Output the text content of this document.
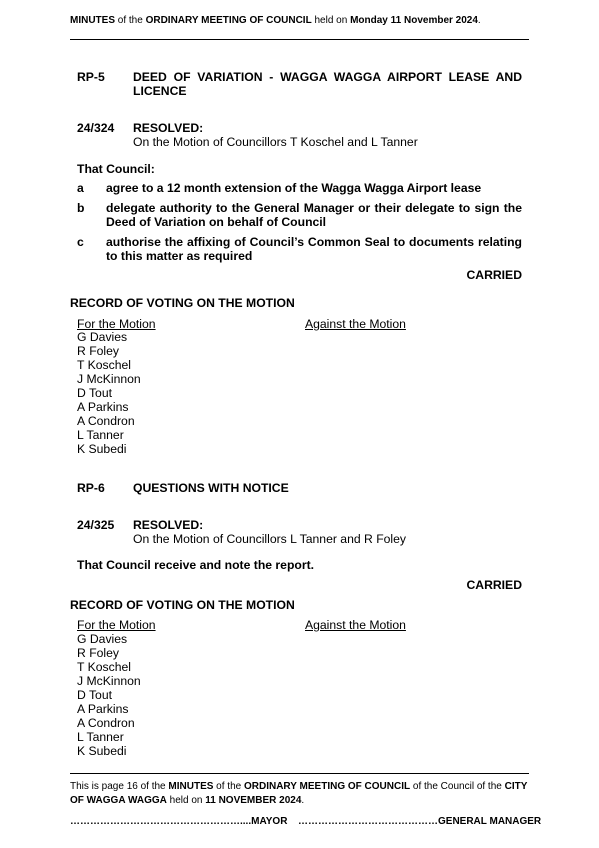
MINUTES of the ORDINARY MEETING OF COUNCIL held on Monday 11 November 2024.
RP-5 DEED OF VARIATION - WAGGA WAGGA AIRPORT LEASE AND
LICENCE
24/324 RESOLVED:
On the Motion of Councillors T Koschel and L Tanner
That Council:
a agree to a 12 month extension of the Wagga Wagga Airport lease
b delegate authority to the General Manager or their delegate to sign the
Deed of Variation on behalf of Council
c authorise the affixing of Council’s Common Seal to documents relating
to this matter as required
CARRIED
RECORD OF VOTING ON THE MOTION
For the Motion	Against the Motion
G Davies
R Foley
T Koschel
J McKinnon
D Tout
A Parkins
A Condron
L Tanner
K Subedi
RP-6 QUESTIONS WITH NOTICE
24/325 RESOLVED:
On the Motion of Councillors L Tanner and R Foley
That Council receive and note the report.
CARRIED
RECORD OF VOTING ON THE MOTION
For the Motion	Against the Motion
G Davies
R Foley
T Koschel
J McKinnon
D Tout
A Parkins
A Condron
L Tanner
K Subedi
This is page 16 of the MINUTES of the ORDINARY MEETING OF COUNCIL of the Council of the CITY OF WAGGA WAGGA held on 11 NOVEMBER 2024.
……………………………………………....MAYOR ……………………………………GENERAL MANAGER
